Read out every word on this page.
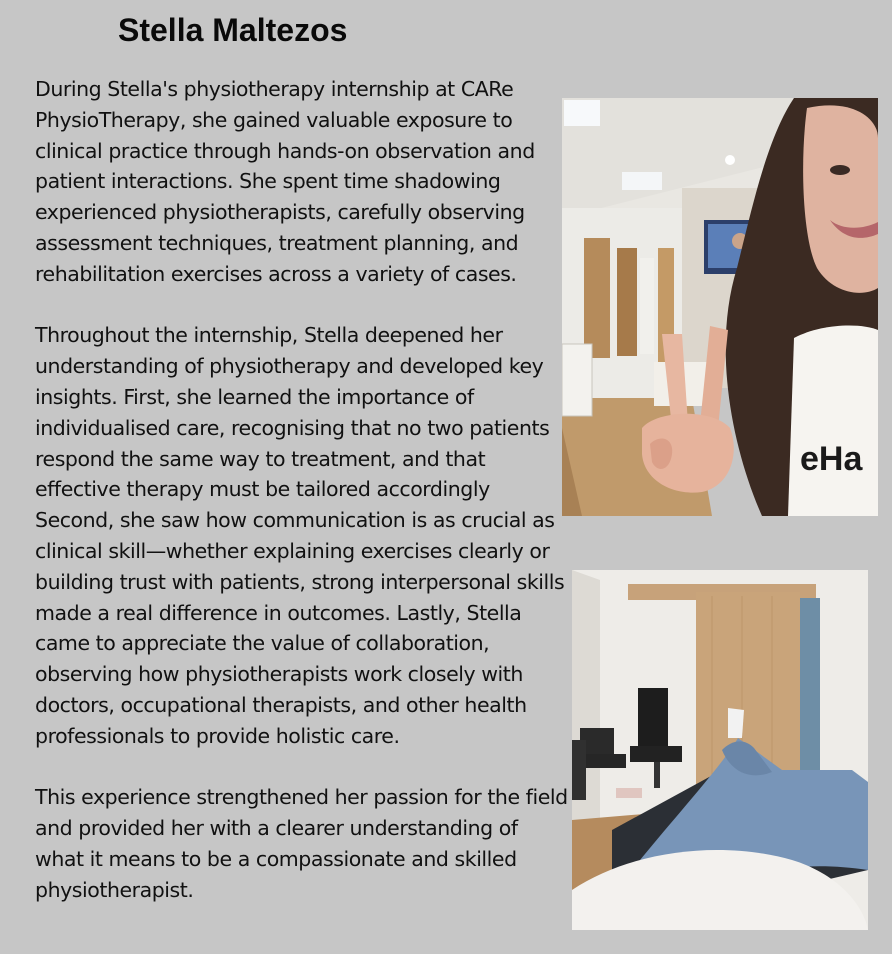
Stella Maltezos

During Stella's physiotherapy internship at CARe PhysioTherapy, she gained valuable exposure to clinical practice through hands-on observation and patient interactions. She spent time shadowing experienced physiotherapists, carefully observing assessment techniques, treatment planning, and rehabilitation exercises across a variety of cases.

Throughout the internship, Stella deepened her understanding of physiotherapy and developed key insights. First, she learned the importance of individualised care, recognising that no two patients respond the same way to treatment, and that effective therapy must be tailored accordingly Second, she saw how communication is as crucial as clinical skill—whether explaining exercises clearly or building trust with patients, strong interpersonal skills made a real difference in outcomes. Lastly, Stella came to appreciate the value of collaboration, observing how physiotherapists work closely with doctors, occupational therapists, and other health professionals to provide holistic care.

This experience strengthened her passion for the field and provided her with a clearer understanding of what it means to be a compassionate and skilled physiotherapist.

eHa
